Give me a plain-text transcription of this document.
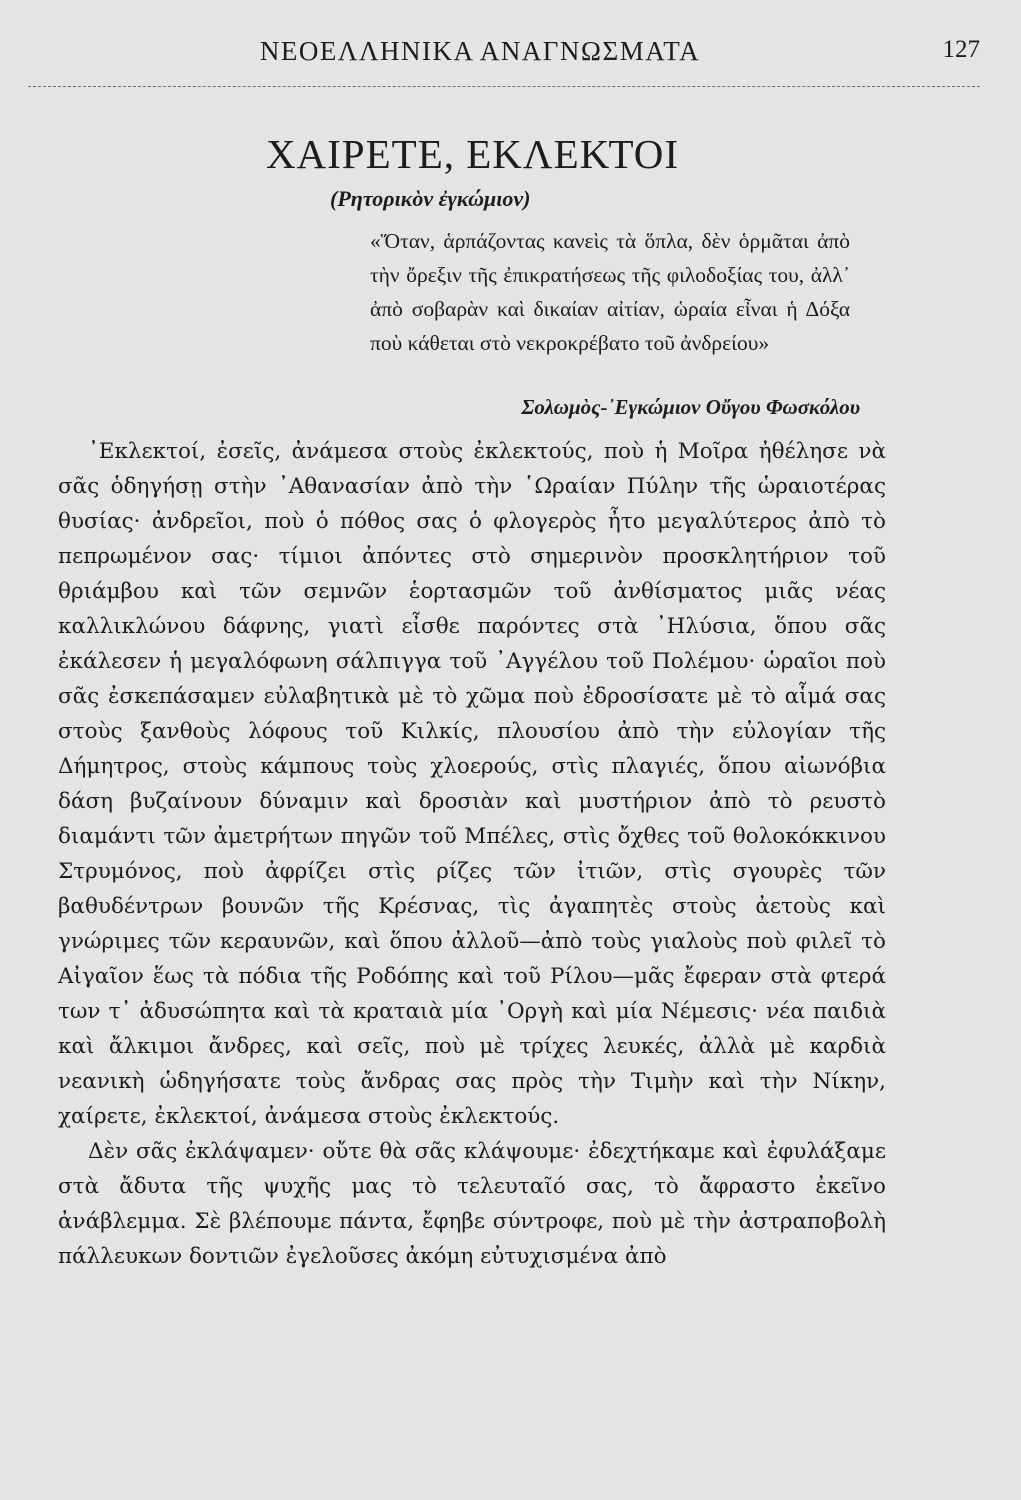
ΝΕΟΕΛΛΗΝΙΚΑ ΑΝΑΓΝΩΣΜΑΤΑ	127
ΧΑΙΡΕΤΕ, ΕΚΛΕΚΤΟΙ
(Ρητορικὸν ἐγκώμιον)
«Ὅταν, ἁρπάζοντας κανεὶς τὰ ὅπλα, δὲν ὁρμᾶται ἀπὸ τὴν ὄρεξιν τῆς ἐπικρατήσεως τῆς φιλοδοξίας του, ἀλλ᾽ ἀπὸ σοβαρὰν καὶ δικαίαν αἰτίαν, ὡραία εἶναι ἡ Δόξα ποὺ κάθεται στὸ νεκροκρέβατο τοῦ ἀνδρείου»
Σολωμὸς-᾽Εγκώμιον Οὔγου Φωσκόλου

᾽Εκλεκτοί, ἐσεῖς, ἀνάμεσα στοὺς ἐκλεκτούς, ποὺ ἡ Μοῖρα ἠθέλησε νὰ σᾶς ὁδηγήσῃ στὴν ᾽Αθανασίαν ἀπὸ τὴν ῾Ωραίαν Πύλην τῆς ὡραιοτέρας θυσίας· ἀνδρεῖοι, ποὺ ὁ πόθος σας ὁ φλογερὸς ἦτο μεγαλύτερος ἀπὸ τὸ πεπρωμένον σας· τίμιοι ἀπόντες στὸ σημερινὸν προσκλητήριον τοῦ θριάμβου καὶ τῶν σεμνῶν ἑορτασμῶν τοῦ ἀνθίσματος μιᾶς νέας καλλικλώνου δάφνης, γιατὶ εἶσθε παρόντες στὰ ᾽Ηλύσια, ὅπου σᾶς ἐκάλεσεν ἡ μεγαλόφωνη σάλπιγγα τοῦ ᾽Αγγέλου τοῦ Πολέμου· ὡραῖοι ποὺ σᾶς ἐσκεπάσαμεν εὐλαβητικὰ μὲ τὸ χῶμα ποὺ ἐδροσίσατε μὲ τὸ αἷμά σας στοὺς ξανθοὺς λόφους τοῦ Κιλκίς, πλουσίου ἀπὸ τὴν εὐλογίαν τῆς Δήμητρος, στοὺς κάμπους τοὺς χλοερούς, στὶς πλαγιές, ὅπου αἰωνόβια δάση βυζαίνουν δύναμιν καὶ δροσιὰν καὶ μυστήριον ἀπὸ τὸ ρευστὸ διαμάντι τῶν ἀμετρήτων πηγῶν τοῦ Μπέλες, στὶς ὄχθες τοῦ θολοκόκκινου Στρυμόνος, ποὺ ἀφρίζει στὶς ρίζες τῶν ἰτιῶν, στὶς σγουρὲς τῶν βαθυδέντρων βουνῶν τῆς Κρέσνας, τὶς ἀγαπητὲς στοὺς ἀετοὺς καὶ γνώριμες τῶν κεραυνῶν, καὶ ὅπου ἀλλοῦ—ἀπὸ τοὺς γιαλοὺς ποὺ φιλεῖ τὸ Αἰγαῖον ἕως τὰ πόδια τῆς Ροδόπης καὶ τοῦ Ρίλου—μᾶς ἔφεραν στὰ φτερά των τ᾽ ἀδυσώπητα καὶ τὰ κραταιὰ μία ᾽Οργὴ καὶ μία Νέμεσις· νέα παιδιὰ καὶ ἄλκιμοι ἄνδρες, καὶ σεῖς, ποὺ μὲ τρίχες λευκές, ἀλλὰ μὲ καρδιὰ νεανικὴ ὡδηγήσατε τοὺς ἄνδρας σας πρὸς τὴν Τιμὴν καὶ τὴν Νίκην, χαίρετε, ἐκλεκτοί, ἀνάμεσα στοὺς ἐκλεκτούς.

Δὲν σᾶς ἐκλάψαμεν· οὔτε θὰ σᾶς κλάψουμε· ἐδεχτήκαμε καὶ ἐφυλάξαμε στὰ ἄδυτα τῆς ψυχῆς μας τὸ τελευταῖό σας, τὸ ἄφραστο ἐκεῖνο ἀνάβλεμμα. Σὲ βλέπουμε πάντα, ἔφηβε σύντροφε, ποὺ μὲ τὴν ἀστραποβολὴ πάλλευκων δοντιῶν ἐγελοῦσες ἀκόμη εὐτυχισμένα ἀπὸ
